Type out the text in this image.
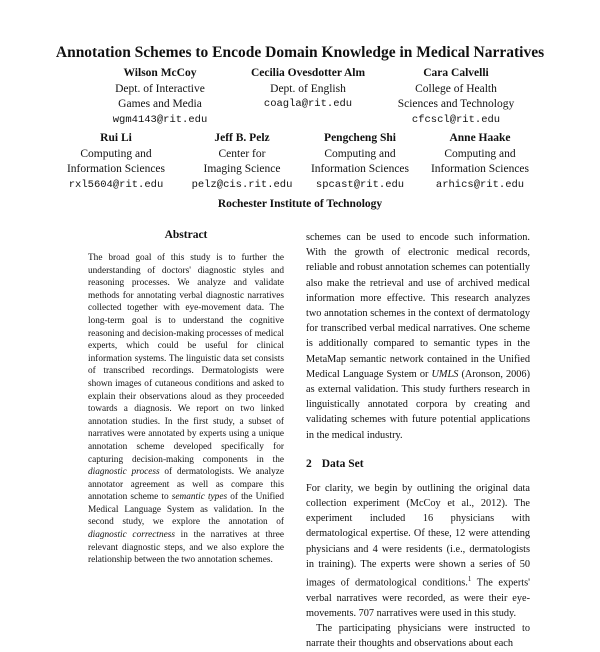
Annotation Schemes to Encode Domain Knowledge in Medical Narratives
Wilson McCoy
Dept. of Interactive
Games and Media
wgm4143@rit.edu
Cecilia Ovesdotter Alm
Dept. of English
coagla@rit.edu
Cara Calvelli
College of Health
Sciences and Technology
cfcscl@rit.edu
Rui Li
Computing and
Information Sciences
rxl5604@rit.edu
Jeff B. Pelz
Center for
Imaging Science
pelz@cis.rit.edu
Pengcheng Shi
Computing and
Information Sciences
spcast@rit.edu
Anne Haake
Computing and
Information Sciences
arhics@rit.edu
Rochester Institute of Technology
Abstract

The broad goal of this study is to further the understanding of doctors' diagnostic styles and reasoning processes. We analyze and validate methods for annotating verbal diagnostic narratives collected together with eye-movement data. The long-term goal is to understand the cognitive reasoning and decision-making processes of medical experts, which could be useful for clinical information systems. The linguistic data set consists of transcribed recordings. Dermatologists were shown images of cutaneous conditions and asked to explain their observations aloud as they proceeded towards a diagnosis. We report on two linked annotation studies. In the first study, a subset of narratives were annotated by experts using a unique annotation scheme developed specifically for capturing decision-making components in the diagnostic process of dermatologists. We analyze annotator agreement as well as compare this annotation scheme to semantic types of the Unified Medical Language System as validation. In the second study, we explore the annotation of diagnostic correctness in the narratives at three relevant diagnostic steps, and we also explore the relationship between the two annotation schemes.

schemes can be used to encode such information. With the growth of electronic medical records, reliable and robust annotation schemes can potentially also make the retrieval and use of archived medical information more effective. This research analyzes two annotation schemes in the context of dermatology for transcribed verbal medical narratives. One scheme is additionally compared to semantic types in the MetaMap semantic network contained in the Unified Medical Language System or UMLS (Aronson, 2006) as external validation. This study furthers research in linguistically annotated corpora by creating and validating schemes with future potential applications in the medical industry.

2 Data Set

For clarity, we begin by outlining the original data collection experiment (McCoy et al., 2012). The experiment included 16 physicians with dermatological expertise. Of these, 12 were attending physicians and 4 were residents (i.e., dermatologists in training). The experts were shown a series of 50 images of dermatological conditions.$^1$ The experts' verbal narratives were recorded, as were their eye-movements. 707 narratives were used in this study.

The participating physicians were instructed to narrate their thoughts and observations about each
